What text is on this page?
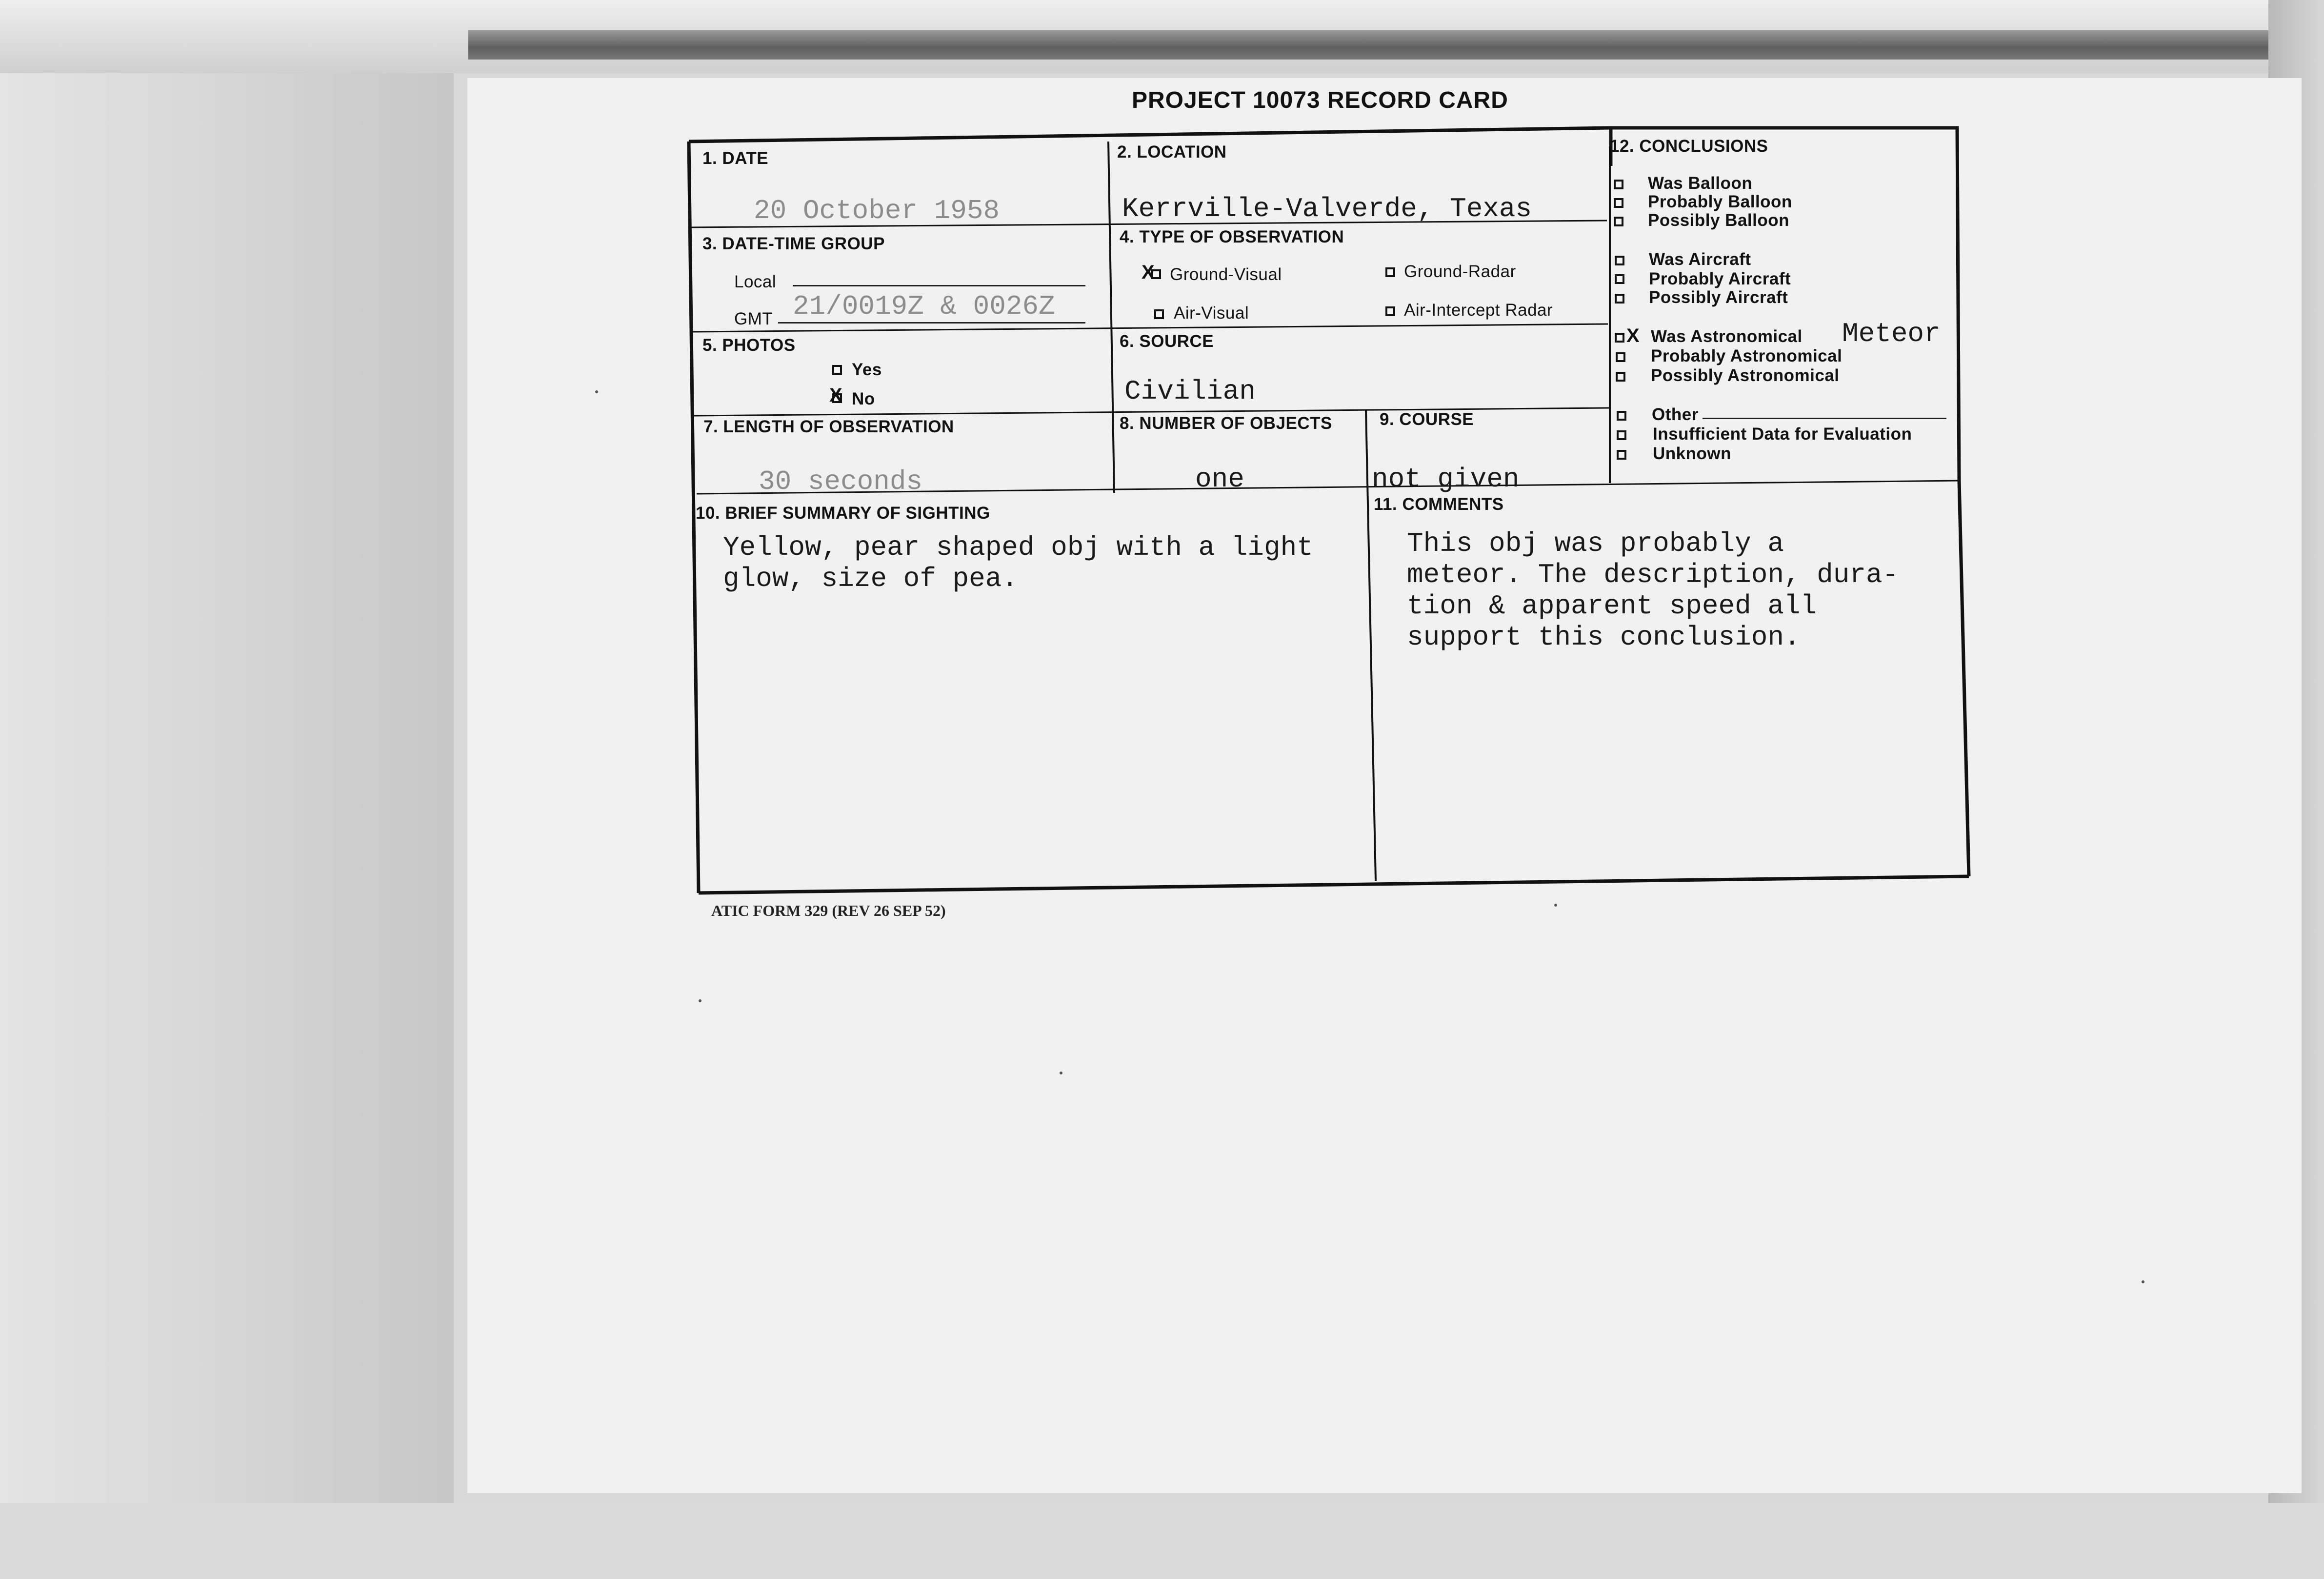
PROJECT 10073 RECORD CARD
1. DATE
20 October 1958
2. LOCATION
Kerrville-Valverde, Texas
3. DATE-TIME GROUP
Local
GMT 21/0019Z & 0026Z
4. TYPE OF OBSERVATION
X Ground-Visual	Ground-Radar
Air-Visual	Air-Intercept Radar
5. PHOTOS
Yes
X No
6. SOURCE
Civilian
7. LENGTH OF OBSERVATION
30 seconds
8. NUMBER OF OBJECTS
one
9. COURSE
not given
10. BRIEF SUMMARY OF SIGHTING
Yellow, pear shaped obj with a light
glow, size of pea.
11. COMMENTS
This obj was probably a
meteor. The description, dura-
tion & apparent speed all
support this conclusion.
12. CONCLUSIONS
Was Balloon
Probably Balloon
Possibly Balloon
Was Aircraft
Probably Aircraft
Possibly Aircraft
X Was Astronomical Meteor
Probably Astronomical
Possibly Astronomical
Other
Insufficient Data for Evaluation
Unknown
ATIC FORM 329 (REV 26 SEP 52)
